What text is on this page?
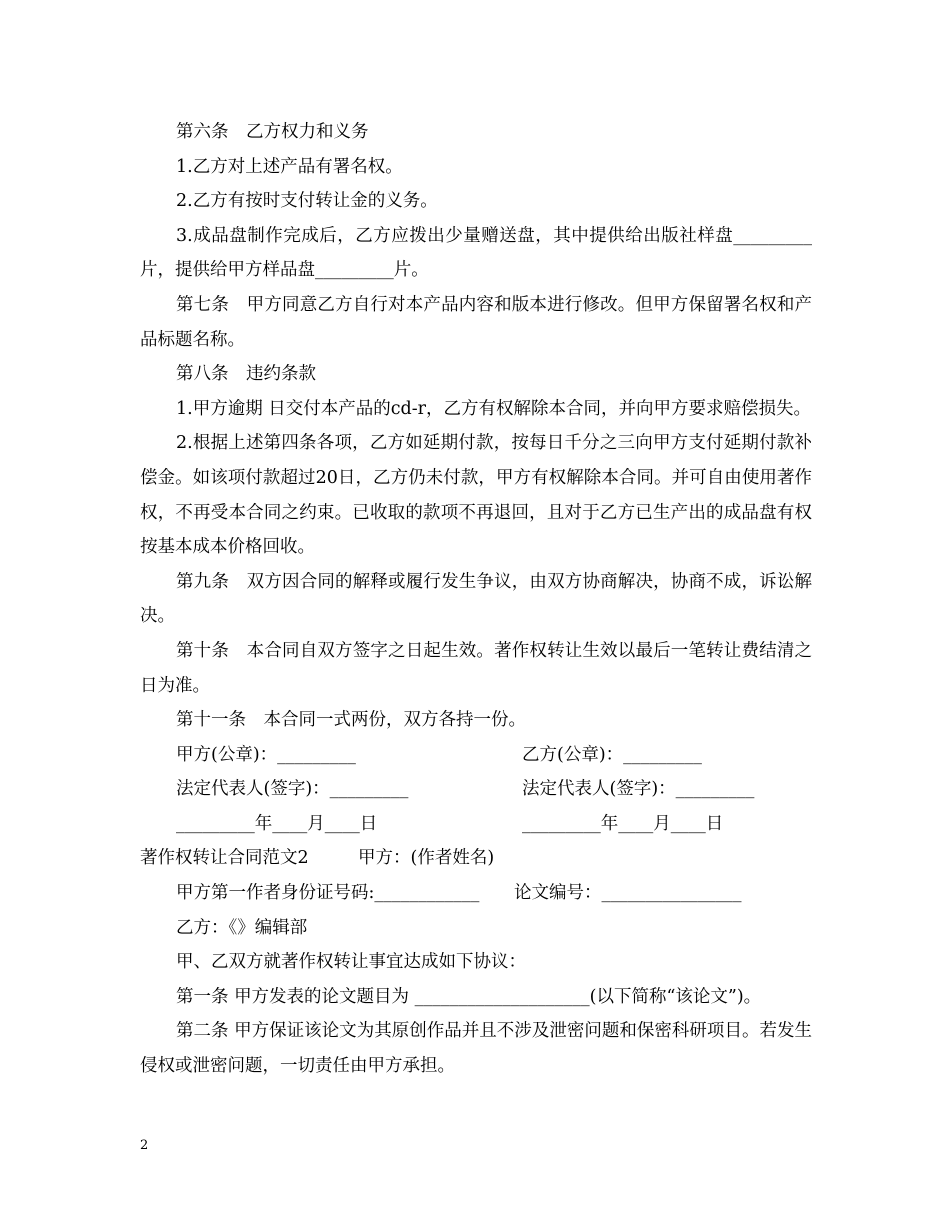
第六条　乙方权力和义务

1.乙方对上述产品有署名权。

2.乙方有按时支付转让金的义务。

3.成品盘制作完成后，乙方应拨出少量赠送盘，其中提供给出版社样盘_________片，提供给甲方样品盘_________片。

第七条　甲方同意乙方自行对本产品内容和版本进行修改。但甲方保留署名权和产品标题名称。

第八条　违约条款

1.甲方逾期 日交付本产品的cd-r，乙方有权解除本合同，并向甲方要求赔偿损失。

2.根据上述第四条各项，乙方如延期付款，按每日千分之三向甲方支付延期付款补偿金。如该项付款超过20日，乙方仍未付款，甲方有权解除本合同。并可自由使用著作权，不再受本合同之约束。已收取的款项不再退回，且对于乙方已生产出的成品盘有权按基本成本价格回收。

第九条　双方因合同的解释或履行发生争议，由双方协商解决，协商不成，诉讼解决。

第十条　本合同自双方签字之日起生效。著作权转让生效以最后一笔转让费结清之日为准。

第十一条　本合同一式两份，双方各持一份。

甲方(公章)：_________	乙方(公章)：_________
法定代表人(签字)：_________	法定代表人(签字)：_________
_________年____月____日	_________年____月____日
著作权转让合同范文2	甲方：(作者姓名)
甲方第一作者身份证号码:____________ 论文编号：________________

乙方：《》编辑部

甲、乙双方就著作权转让事宜达成如下协议：

第一条 甲方发表的论文题目为 ____________________(以下简称“该论文”)。

第二条 甲方保证该论文为其原创作品并且不涉及泄密问题和保密科研项目。若发生侵权或泄密问题，一切责任由甲方承担。

2
